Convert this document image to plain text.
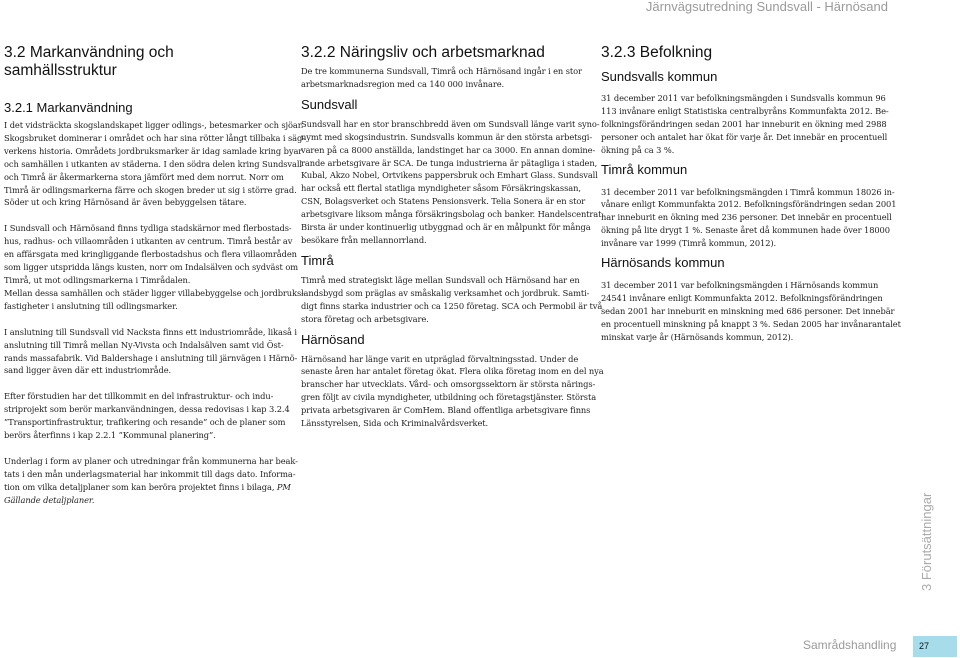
Järnvägsutredning Sundsvall - Härnösand
3.2 Markanvändning och samhällsstruktur
3.2.1 Markanvändning

I det vidsträckta skogslandskapet ligger odlings-, betesmarker och sjöar.
Skogsbruket dominerar i området och har sina rötter långt tillbaka i säg-
verkens historia. Områdets jordbruksmarker är idag samlade kring byar
och samhällen i utkanten av städerna. I den södra delen kring Sundsvall
och Timrå är åkermarkerna stora jämfört med dem norrut. Norr om
Timrå är odlingsmarkerna färre och skogen breder ut sig i större grad.
Söder ut och kring Härnösand är även bebyggelsen tätare.

I Sundsvall och Härnösand finns tydliga stadskärnor med flerbostads-
hus, radhus- och villaområden i utkanten av centrum. Timrå består av
en affärsgata med kringliggande flerbostadshus och flera villaområden
som ligger utspridda längs kusten, norr om Indalsälven och sydväst om
Timrå, ut mot odlingsmarkerna i Timrådalen.
Mellan dessa samhällen och städer ligger villabebyggelse och jordbruks-
fastigheter i anslutning till odlingsmarker.

I anslutning till Sundsvall vid Nacksta finns ett industriområde, likaså i
anslutning till Timrå mellan Ny-Vivsta och Indalsälven samt vid Öst-
rands massafabrik. Vid Baldershage i anslutning till järnvägen i Härnö-
sand ligger även där ett industriområde.

Efter förstudien har det tillkommit en del infrastruktur- och indu-
striprojekt som berör markanvändningen, dessa redovisas i kap 3.2.4
”Transportinfrastruktur, trafikering och resande” och de planer som
berörs återfinns i kap 2.2.1 ”Kommunal planering”.

Underlag i form av planer och utredningar från kommunerna har beak-
tats i den mån underlagsmaterial har inkommit till dags dato. Informa-
tion om vilka detaljplaner som kan beröra projektet finns i bilaga, PM
Gällande detaljplaner.

3.2.2 Näringsliv och arbetsmarknad

De tre kommunerna Sundsvall, Timrå och Härnösand ingår i en stor
arbetsmarknadsregion med ca 140 000 invånare.

Sundsvall

Sundsvall har en stor branschbredd även om Sundsvall länge varit syno-
nymt med skogsindustrin. Sundsvalls kommun är den största arbetsgi-
varen på ca 8000 anställda, landstinget har ca 3000. En annan domine-
rande arbetsgivare är SCA. De tunga industrierna är pätagliga i staden,
Kubal, Akzo Nobel, Ortvikens pappersbruk och Emhart Glass. Sundsvall
har också ett flertal statliga myndigheter såsom Försäkringskassan,
CSN, Bolagsverket och Statens Pensionsverk. Telia Sonera är en stor
arbetsgivare liksom många försäkringsbolag och banker. Handelscentrat
Birsta är under kontinuerlig utbyggnad och är en målpunkt för många
besökare från mellannorrland.

Timrå

Timrå med strategiskt läge mellan Sundsvall och Härnösand har en
landsbygd som präglas av småskalig verksamhet och jordbruk. Samti-
digt finns starka industrier och ca 1250 företag. SCA och Permobil är två
stora företag och arbetsgivare.

Härnösand

Härnösand har länge varit en utpräglad förvaltningsstad. Under de
senaste åren har antalet företag ökat. Flera olika företag inom en del nya
branscher har utvecklats. Vård- och omsorgssektorn är största närings-
gren följt av civila myndigheter, utbildning och företagstjänster. Största
privata arbetsgivaren är ComHem. Bland offentliga arbetsgivare finns
Länsstyrelsen, Sida och Kriminalvårdsverket.

3.2.3 Befolkning
Sundsvalls kommun

31 december 2011 var befolkningsmängden i Sundsvalls kommun 96
113 invånare enligt Statistiska centralbyråns Kommunfakta 2012. Be-
folkningsförändringen sedan 2001 har inneburit en ökning med 2988
personer och antalet har ökat för varje år. Det innebär en procentuell
ökning på ca 3 %.

Timrå kommun

31 december 2011 var befolkningsmängden i Timrå kommun 18026 in-
vånare enligt Kommunfakta 2012. Befolkningsförändringen sedan 2001
har inneburit en ökning med 236 personer. Det innebär en procentuell
ökning på lite drygt 1 %. Senaste året då kommunen hade över 18000
invånare var 1999 (Timrå kommun, 2012).

Härnösands kommun

31 december 2011 var befolkningsmängden i Härnösands kommun
24541 invånare enligt Kommunfakta 2012. Befolkningsförändringen
sedan 2001 har inneburit en minskning med 686 personer. Det innebär
en procentuell minskning på knappt 3 %. Sedan 2005 har invånarantalet
minskat varje år (Härnösands kommun, 2012).

3 Förutsättningar
Samrådshandling	27
